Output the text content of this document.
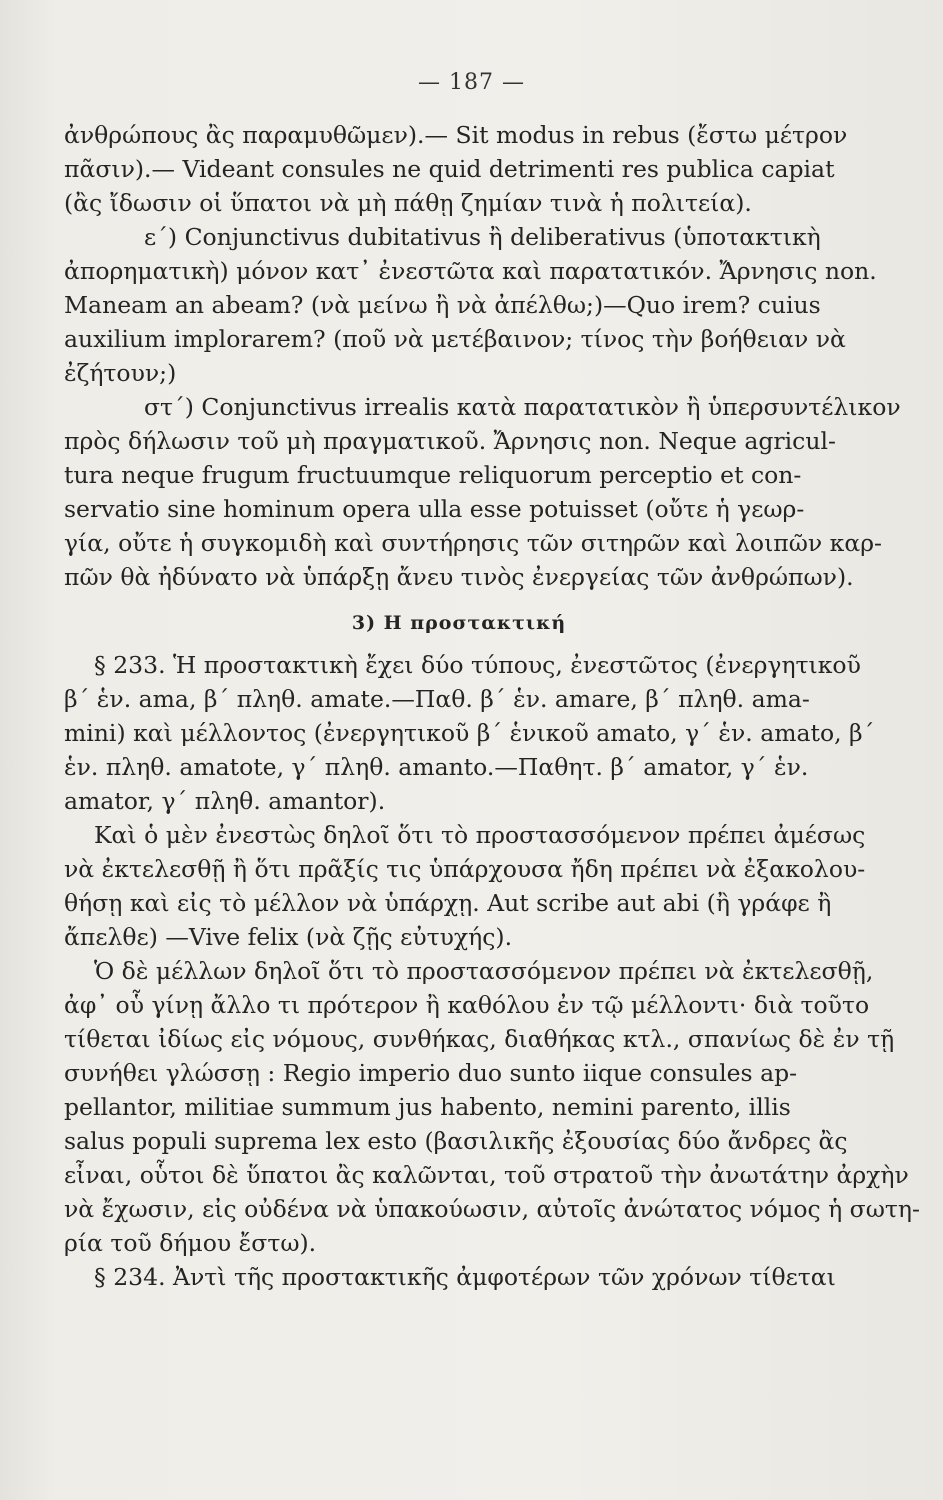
— 187 —
ἀνθρώπους ἂς παραμυθῶμεν).— Sit modus in rebus (ἔστω μέτρον
πᾶσιν).— Videant consules ne quid detrimenti res publica capiat
(ἂς ἴδωσιν οἱ ὕπατοι νὰ μὴ πάθῃ ζημίαν τινὰ ἡ πολιτεία).
ε΄) Conjunctivus dubitativus ἢ deliberativus (ὑποτακτικὴ
ἀπορηματικὴ) μόνον κατ᾽ ἐνεστῶτα καὶ παρατατικόν. Ἄρνησις non.
Maneam an abeam? (νὰ μείνω ἢ νὰ ἀπέλθω;)—Quo irem? cuius
auxilium implorarem? (ποῦ νὰ μετέβαινον; τίνος τὴν βοήθειαν νὰ
ἐζήτουν;)
στ΄) Conjunctivus irrealis κατὰ παρατατικὸν ἢ ὑπερσυντέλικον
πρὸς δήλωσιν τοῦ μὴ πραγματικοῦ. Ἄρνησις non. Neque agricul-
tura neque frugum fructuumque reliquorum perceptio et con-
servatio sine hominum opera ulla esse potuisset (οὔτε ἡ γεωρ-
γία, οὔτε ἡ συγκομιδὴ καὶ συντήρησις τῶν σιτηρῶν καὶ λοιπῶν καρ-
πῶν θὰ ἠδύνατο νὰ ὑπάρξῃ ἄνευ τινὸς ἐνεργείας τῶν ἀνθρώπων).
3) Η προστακτική
§ 233. Ἡ προστακτικὴ ἔχει δύο τύπους, ἐνεστῶτος (ἐνεργητικοῦ
β΄ ἑν. ama, β΄ πληθ. amate.—Παθ. β΄ ἑν. amare, β΄ πληθ. ama-
mini) καὶ μέλλοντος (ἐνεργητικοῦ β΄ ἑνικοῦ amato, γ΄ ἑν. amato, β΄
ἑν. πληθ. amatote, γ΄ πληθ. amanto.—Παθητ. β΄ amator, γ΄ ἑν.
amator, γ΄ πληθ. amantor).
Καὶ ὁ μὲν ἐνεστὼς δηλοῖ ὅτι τὸ προστασσόμενον πρέπει ἀμέσως
νὰ ἐκτελεσθῇ ἢ ὅτι πρᾶξίς τις ὑπάρχουσα ἤδη πρέπει νὰ ἐξακολου-
θήσῃ καὶ εἰς τὸ μέλλον νὰ ὑπάρχῃ. Aut scribe aut abi (ἢ γράφε ἢ
ἄπελθε) —Vive felix (νὰ ζῇς εὐτυχής).
Ὁ δὲ μέλλων δηλοῖ ὅτι τὸ προστασσόμενον πρέπει νὰ ἐκτελεσθῇ,
ἀφ᾽ οὗ γίνῃ ἄλλο τι πρότερον ἢ καθόλου ἐν τῷ μέλλοντι· διὰ τοῦτο
τίθεται ἰδίως εἰς νόμους, συνθήκας, διαθήκας κτλ., σπανίως δὲ ἐν τῇ
συνήθει γλώσσῃ : Regio imperio duo sunto iique consules ap-
pellantor, militiae summum jus habento, nemini parento, illis
salus populi suprema lex esto (βασιλικῆς ἐξουσίας δύο ἄνδρες ἂς
εἶναι, οὗτοι δὲ ὕπατοι ἂς καλῶνται, τοῦ στρατοῦ τὴν ἀνωτάτην ἀρχὴν
νὰ ἔχωσιν, εἰς οὐδένα νὰ ὑπακούωσιν, αὐτοῖς ἀνώτατος νόμος ἡ σωτη-
ρία τοῦ δήμου ἔστω).
§ 234. Ἀντὶ τῆς προστακτικῆς ἀμφοτέρων τῶν χρόνων τίθεται
